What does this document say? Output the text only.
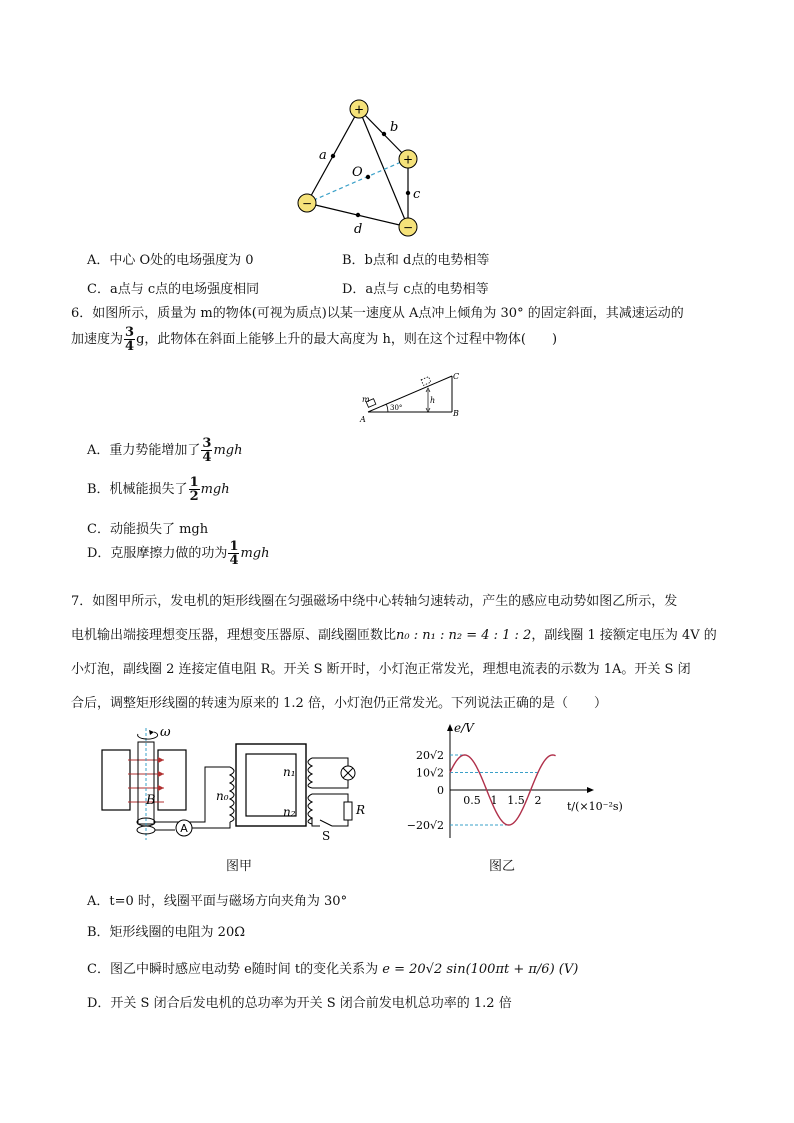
+
+
−
−
a
b
c
d
O
A．中心 O处的电场强度为 0	B．b点和 d点的电势相等
C．a点与 c点的电场强度相同	D．a点与 c点的电势相等
6．如图所示，质量为 m的物体(可视为质点)以某一速度从 A点冲上倾角为 30° 的固定斜面，其减速运动的
加速度为 $\frac{3}{4}$ g，此物体在斜面上能够上升的最大高度为 h，则在这个过程中物体(　　)
m
A
B
C
h
30°
A．重力势能增加了 $\frac{3}{4}$ mgh
B．机械能损失了 $\frac{1}{2}$ mgh
C．动能损失了 mgh
D．克服摩擦力做的功为 $\frac{1}{4}$ mgh
7．如图甲所示，发电机的矩形线圈在匀强磁场中绕中心转轴匀速转动，产生的感应电动势如图乙所示，发
电机输出端接理想变压器，理想变压器原、副线圈匝数比n₀ : n₁ : n₂ = 4 : 1 : 2，副线圈 1 接额定电压为 4V 的
小灯泡，副线圈 2 连接定值电阻 R。开关 S 断开时，小灯泡正常发光，理想电流表的示数为 1A。开关 S 闭
合后，调整矩形线圈的转速为原来的 1.2 倍，小灯泡仍正常发光。下列说法正确的是（　　）
ω
B
A
n₀
n₁
n₂	R
S
图甲
e/V
t/(×10⁻²s)
20√2
10√2
0
−20√2
0.5 1 1.5 2
图乙
A．t=0 时，线圈平面与磁场方向夹角为 30°
B．矩形线圈的电阻为 20Ω
C．图乙中瞬时感应电动势 e随时间 t的变化关系为 e = 20√2 sin(100πt + π/6) (V)
D．开关 S 闭合后发电机的总功率为开关 S 闭合前发电机总功率的 1.2 倍
